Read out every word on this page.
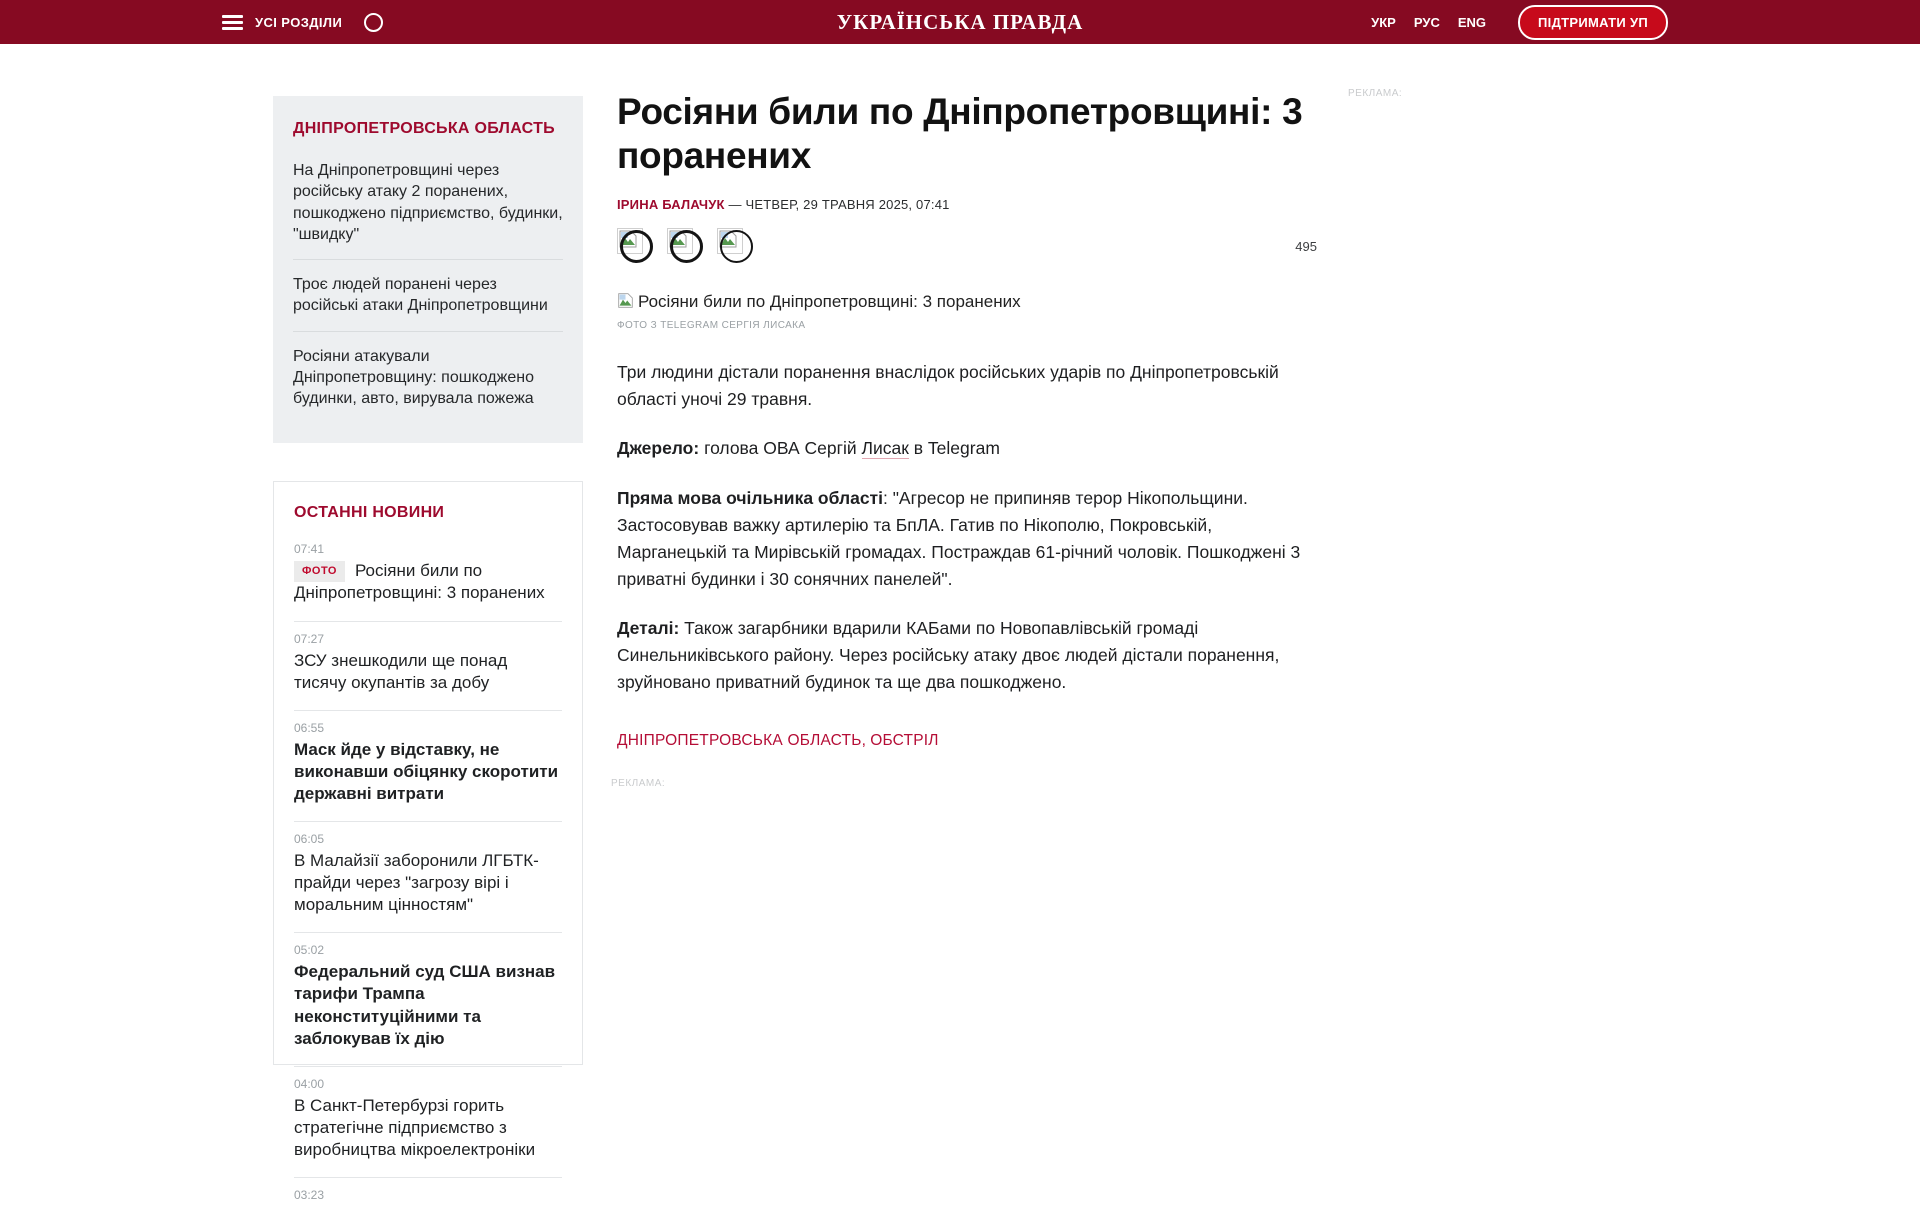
УСІ РОЗДІЛИ	УКРАЇНСЬКА ПРАВДА	УКР РУС ENG	ПІДТРИМАТИ УП
ДНІПРОПЕТРОВСЬКА ОБЛАСТЬ
На Дніпропетровщині через російську атаку 2 поранених, пошкоджено підприємство, будинки, "швидку"
Троє людей поранені через російські атаки Дніпропетровщини
Росіяни атакували Дніпропетровщину: пошкоджено будинки, авто, вирувала пожежа
ОСТАННІ НОВИНИ
07:41
ФОТО Росіяни били по Дніпропетровщині: 3 поранених
07:27
ЗСУ знешкодили ще понад тисячу окупантів за добу
06:55
Маск йде у відставку, не виконавши обіцянку скоротити державні витрати
06:05
В Малайзії заборонили ЛГБТК-прайди через "загрозу вірі і моральним цінностям"
05:02
Федеральний суд США визнав тарифи Трампа неконституційними та заблокував їх дію
04:00
В Санкт-Петербурзі горить стратегічне підприємство з виробництва мікроелектроніки
03:23
Росіяни били по Дніпропетровщині: 3 поранених
ІРИНА БАЛАЧУК — ЧЕТВЕР, 29 ТРАВНЯ 2025, 07:41
495
Росіяни били по Дніпропетровщині: 3 поранених
ФОТО З TELEGRAM СЕРГІЯ ЛИСАКА

Три людини дістали поранення внаслідок російських ударів по Дніпропетровській області уночі 29 травня.

Джерело: голова ОВА Сергій Лисак в Telegram

Пряма мова очільника області: "Агресор не припиняв терор Нікопольщини. Застосовував важку артилерію та БпЛА. Гатив по Нікополю, Покровській, Марганецькій та Мирівській громадах. Постраждав 61-річний чоловік. Пошкоджені 3 приватні будинки і 30 сонячних панелей".

Деталі: Також загарбники вдарили КАБами по Новопавлівській громаді Синельниківського району. Через російську атаку двоє людей дістали поранення, зруйновано приватний будинок та ще два пошкоджено.

ДНІПРОПЕТРОВСЬКА ОБЛАСТЬ, ОБСТРІЛ
РЕКЛАМА:
РЕКЛАМА:
